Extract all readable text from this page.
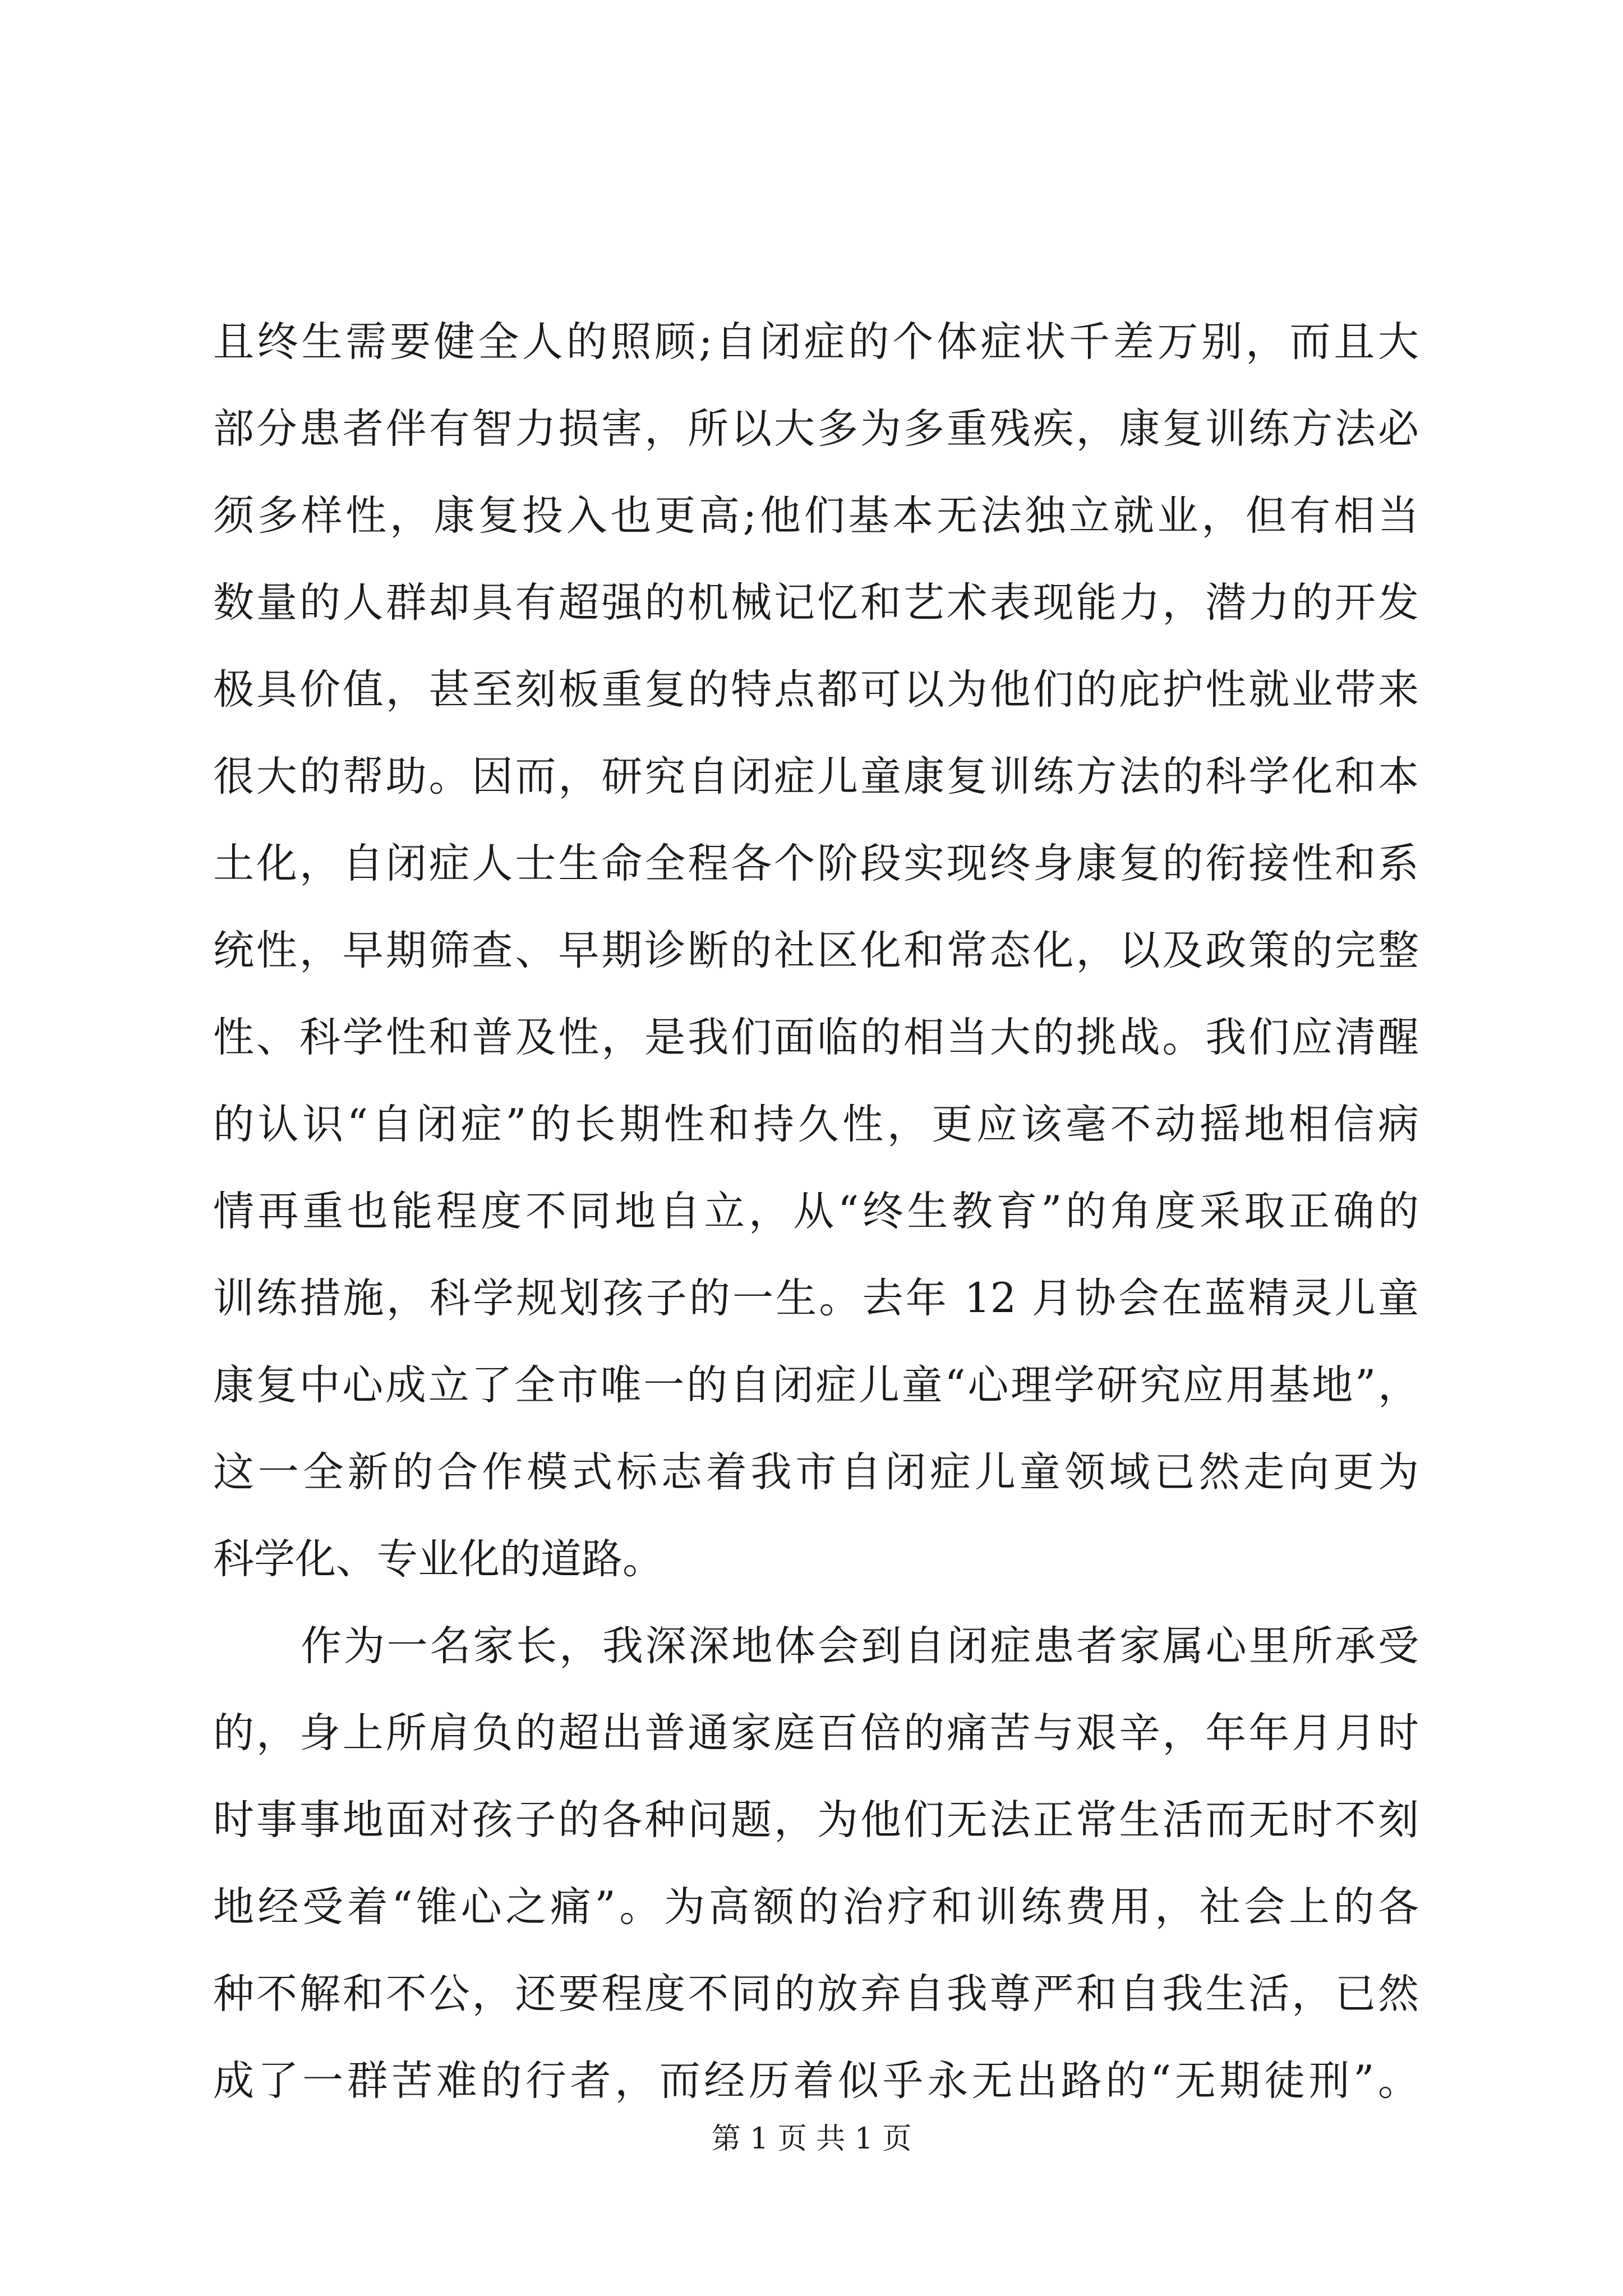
且终生需要健全人的照顾;自闭症的个体症状千差万别，而且大
部分患者伴有智力损害，所以大多为多重残疾，康复训练方法必
须多样性，康复投入也更高;他们基本无法独立就业，但有相当
数量的人群却具有超强的机械记忆和艺术表现能力，潜力的开发
极具价值，甚至刻板重复的特点都可以为他们的庇护性就业带来
很大的帮助。因而，研究自闭症儿童康复训练方法的科学化和本
土化，自闭症人士生命全程各个阶段实现终身康复的衔接性和系
统性，早期筛查、早期诊断的社区化和常态化，以及政策的完整
性、科学性和普及性，是我们面临的相当大的挑战。我们应清醒
的认识“自闭症”的长期性和持久性，更应该毫不动摇地相信病
情再重也能程度不同地自立，从“终生教育”的角度采取正确的
训练措施，科学规划孩子的一生。去年 12 月协会在蓝精灵儿童
康复中心成立了全市唯一的自闭症儿童“心理学研究应用基地”，
这一全新的合作模式标志着我市自闭症儿童领域已然走向更为
科学化、专业化的道路。
作为一名家长，我深深地体会到自闭症患者家属心里所承受
的，身上所肩负的超出普通家庭百倍的痛苦与艰辛，年年月月时
时事事地面对孩子的各种问题，为他们无法正常生活而无时不刻
地经受着“锥心之痛”。为高额的治疗和训练费用，社会上的各
种不解和不公，还要程度不同的放弃自我尊严和自我生活，已然
成了一群苦难的行者，而经历着似乎永无出路的“无期徒刑”。
第 1 页 共 1 页
